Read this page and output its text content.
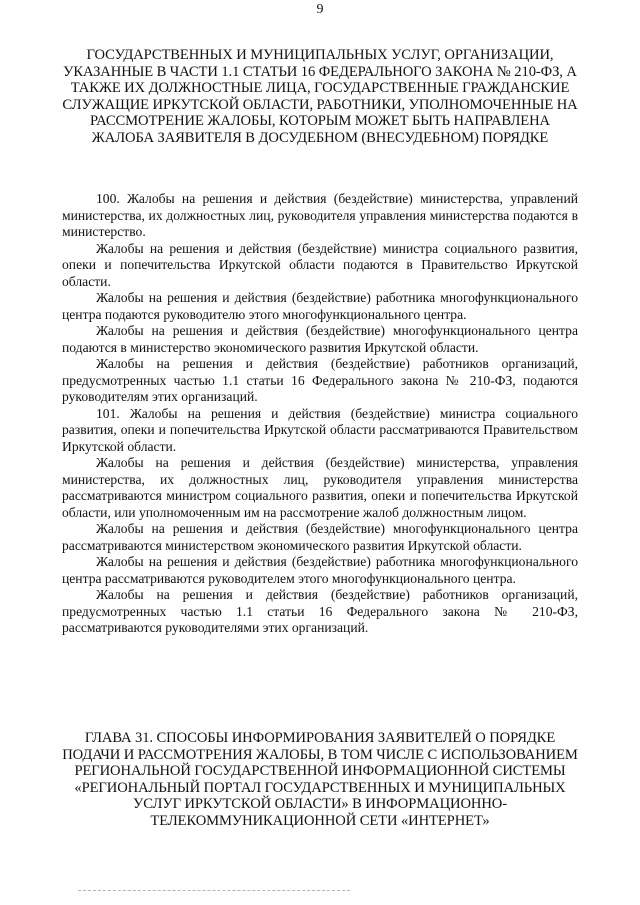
9
ГОСУДАРСТВЕННЫХ И МУНИЦИПАЛЬНЫХ УСЛУГ, ОРГАНИЗАЦИИ, УКАЗАННЫЕ В ЧАСТИ 1.1 СТАТЬИ 16 ФЕДЕРАЛЬНОГО ЗАКОНА № 210-ФЗ, А ТАКЖЕ ИХ ДОЛЖНОСТНЫЕ ЛИЦА, ГОСУДАРСТВЕННЫЕ ГРАЖДАНСКИЕ СЛУЖАЩИЕ ИРКУТСКОЙ ОБЛАСТИ, РАБОТНИКИ, УПОЛНОМОЧЕННЫЕ НА РАССМОТРЕНИЕ ЖАЛОБЫ, КОТОРЫМ МОЖЕТ БЫТЬ НАПРАВЛЕНА ЖАЛОБА ЗАЯВИТЕЛЯ В ДОСУДЕБНОМ (ВНЕСУДЕБНОМ) ПОРЯДКЕ

100. Жалобы на решения и действия (бездействие) министерства, управлений министерства, их должностных лиц, руководителя управления министерства подаются в министерство.

Жалобы на решения и действия (бездействие) министра социального развития, опеки и попечительства Иркутской области подаются в Правительство Иркутской области.

Жалобы на решения и действия (бездействие) работника многофункционального центра подаются руководителю этого многофункционального центра.

Жалобы на решения и действия (бездействие) многофункционального центра подаются в министерство экономического развития Иркутской области.

Жалобы на решения и действия (бездействие) работников организаций, предусмотренных частью 1.1 статьи 16 Федерального закона № 210-ФЗ, подаются руководителям этих организаций.

101. Жалобы на решения и действия (бездействие) министра социального развития, опеки и попечительства Иркутской области рассматриваются Правительством Иркутской области.

Жалобы на решения и действия (бездействие) министерства, управления министерства, их должностных лиц, руководителя управления министерства рассматриваются министром социального развития, опеки и попечительства Иркутской области, или уполномоченным им на рассмотрение жалоб должностным лицом.

Жалобы на решения и действия (бездействие) многофункционального центра рассматриваются министерством экономического развития Иркутской области.

Жалобы на решения и действия (бездействие) работника многофункционального центра рассматриваются руководителем этого многофункционального центра.

Жалобы на решения и действия (бездействие) работников организаций, предусмотренных частью 1.1 статьи 16 Федерального закона № 210-ФЗ, рассматриваются руководителями этих организаций.

ГЛАВА 31. СПОСОБЫ ИНФОРМИРОВАНИЯ ЗАЯВИТЕЛЕЙ О ПОРЯДКЕ ПОДАЧИ И РАССМОТРЕНИЯ ЖАЛОБЫ, В ТОМ ЧИСЛЕ С ИСПОЛЬЗОВАНИЕМ РЕГИОНАЛЬНОЙ ГОСУДАРСТВЕННОЙ ИНФОРМАЦИОННОЙ СИСТЕМЫ «РЕГИОНАЛЬНЫЙ ПОРТАЛ ГОСУДАРСТВЕННЫХ И МУНИЦИПАЛЬНЫХ УСЛУГ ИРКУТСКОЙ ОБЛАСТИ» В ИНФОРМАЦИОННО-ТЕЛЕКОММУНИКАЦИОННОЙ СЕТИ «ИНТЕРНЕТ»
